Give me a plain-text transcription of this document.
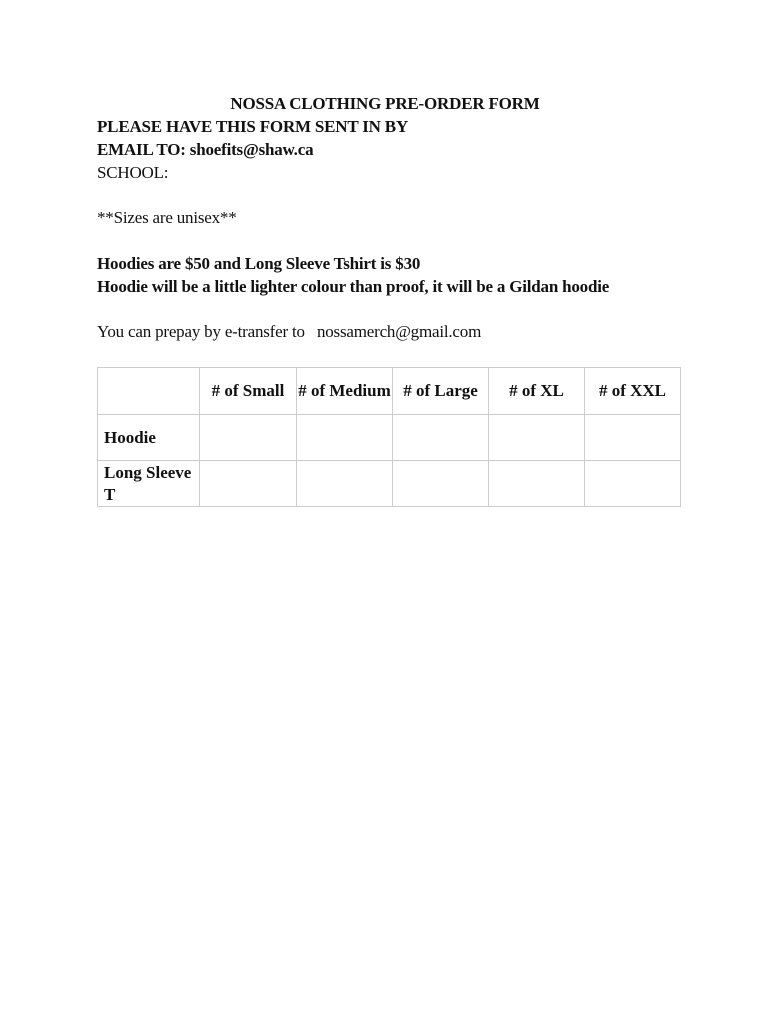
NOSSA CLOTHING PRE-ORDER FORM
PLEASE HAVE THIS FORM SENT IN BY
EMAIL TO: shoefits@shaw.ca
SCHOOL:
**Sizes are unisex**
Hoodies are $50 and Long Sleeve Tshirt is $30
Hoodie will be a little lighter colour than proof, it will be a Gildan hoodie
You can prepay by e-transfer to   nossamerch@gmail.com
	# of Small	# of Medium	# of Large	# of XL	# of XXL
Hoodie					
Long Sleeve T					
